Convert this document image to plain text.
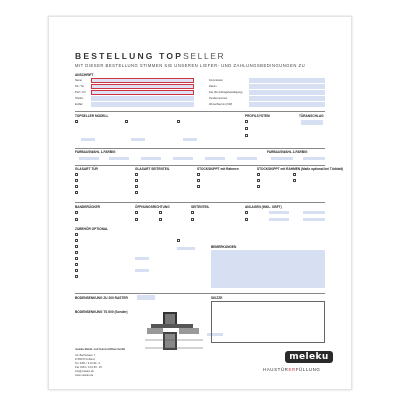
BESTELLUNG TOPSELLER
MIT DIESER BESTELLUNG STIMMEN SIE UNSEREN LIEFER- UND ZAHLUNGSBEDINGUNGEN ZU
ANSCHRIFT
Name
Str. / Nr.
PLZ / Ort
Telefon
E-Mail
Kommission
Datum
Fax (für Auftragsbestätigung)
Kundennummer
Wunschtermin (KW)
TOPSELLER MODELL	PROFILSYSTEM	TÜRANSCHLAG
FARBAUSWAHL 1-FARBIG	FARBAUSWAHL 2-FARBIG
GLASART TÜR	GLASART SEITENTEIL	STOCKSKIPPT mit Rahmen	STOCKSKIPPT mit RAHMEN (Maße optional bei Türblatt)
BANDERÜCKER	ÖFFNUNGSRICHTUNG	SEITENTEIL	ANLAGEN (INKL. OBFT)
ZUBEHÖR OPTIONAL
BEMERKUNGEN
BODENSENKUNG ZU 200 RASTER
BODENSENKUNG TS 600 (Sonder)
SKIZZE
meleku Metall- und Kunststoffbau GmbH
Am Bachwasen 7
D-56070 Koblenz
Tel. 0261 / 9 10 80 - 0
Fax 0261 / 9 10 80 - 25
info@meleku.de
www.meleku.de
meleku
HAUSTÜRERFÜLLUNG
